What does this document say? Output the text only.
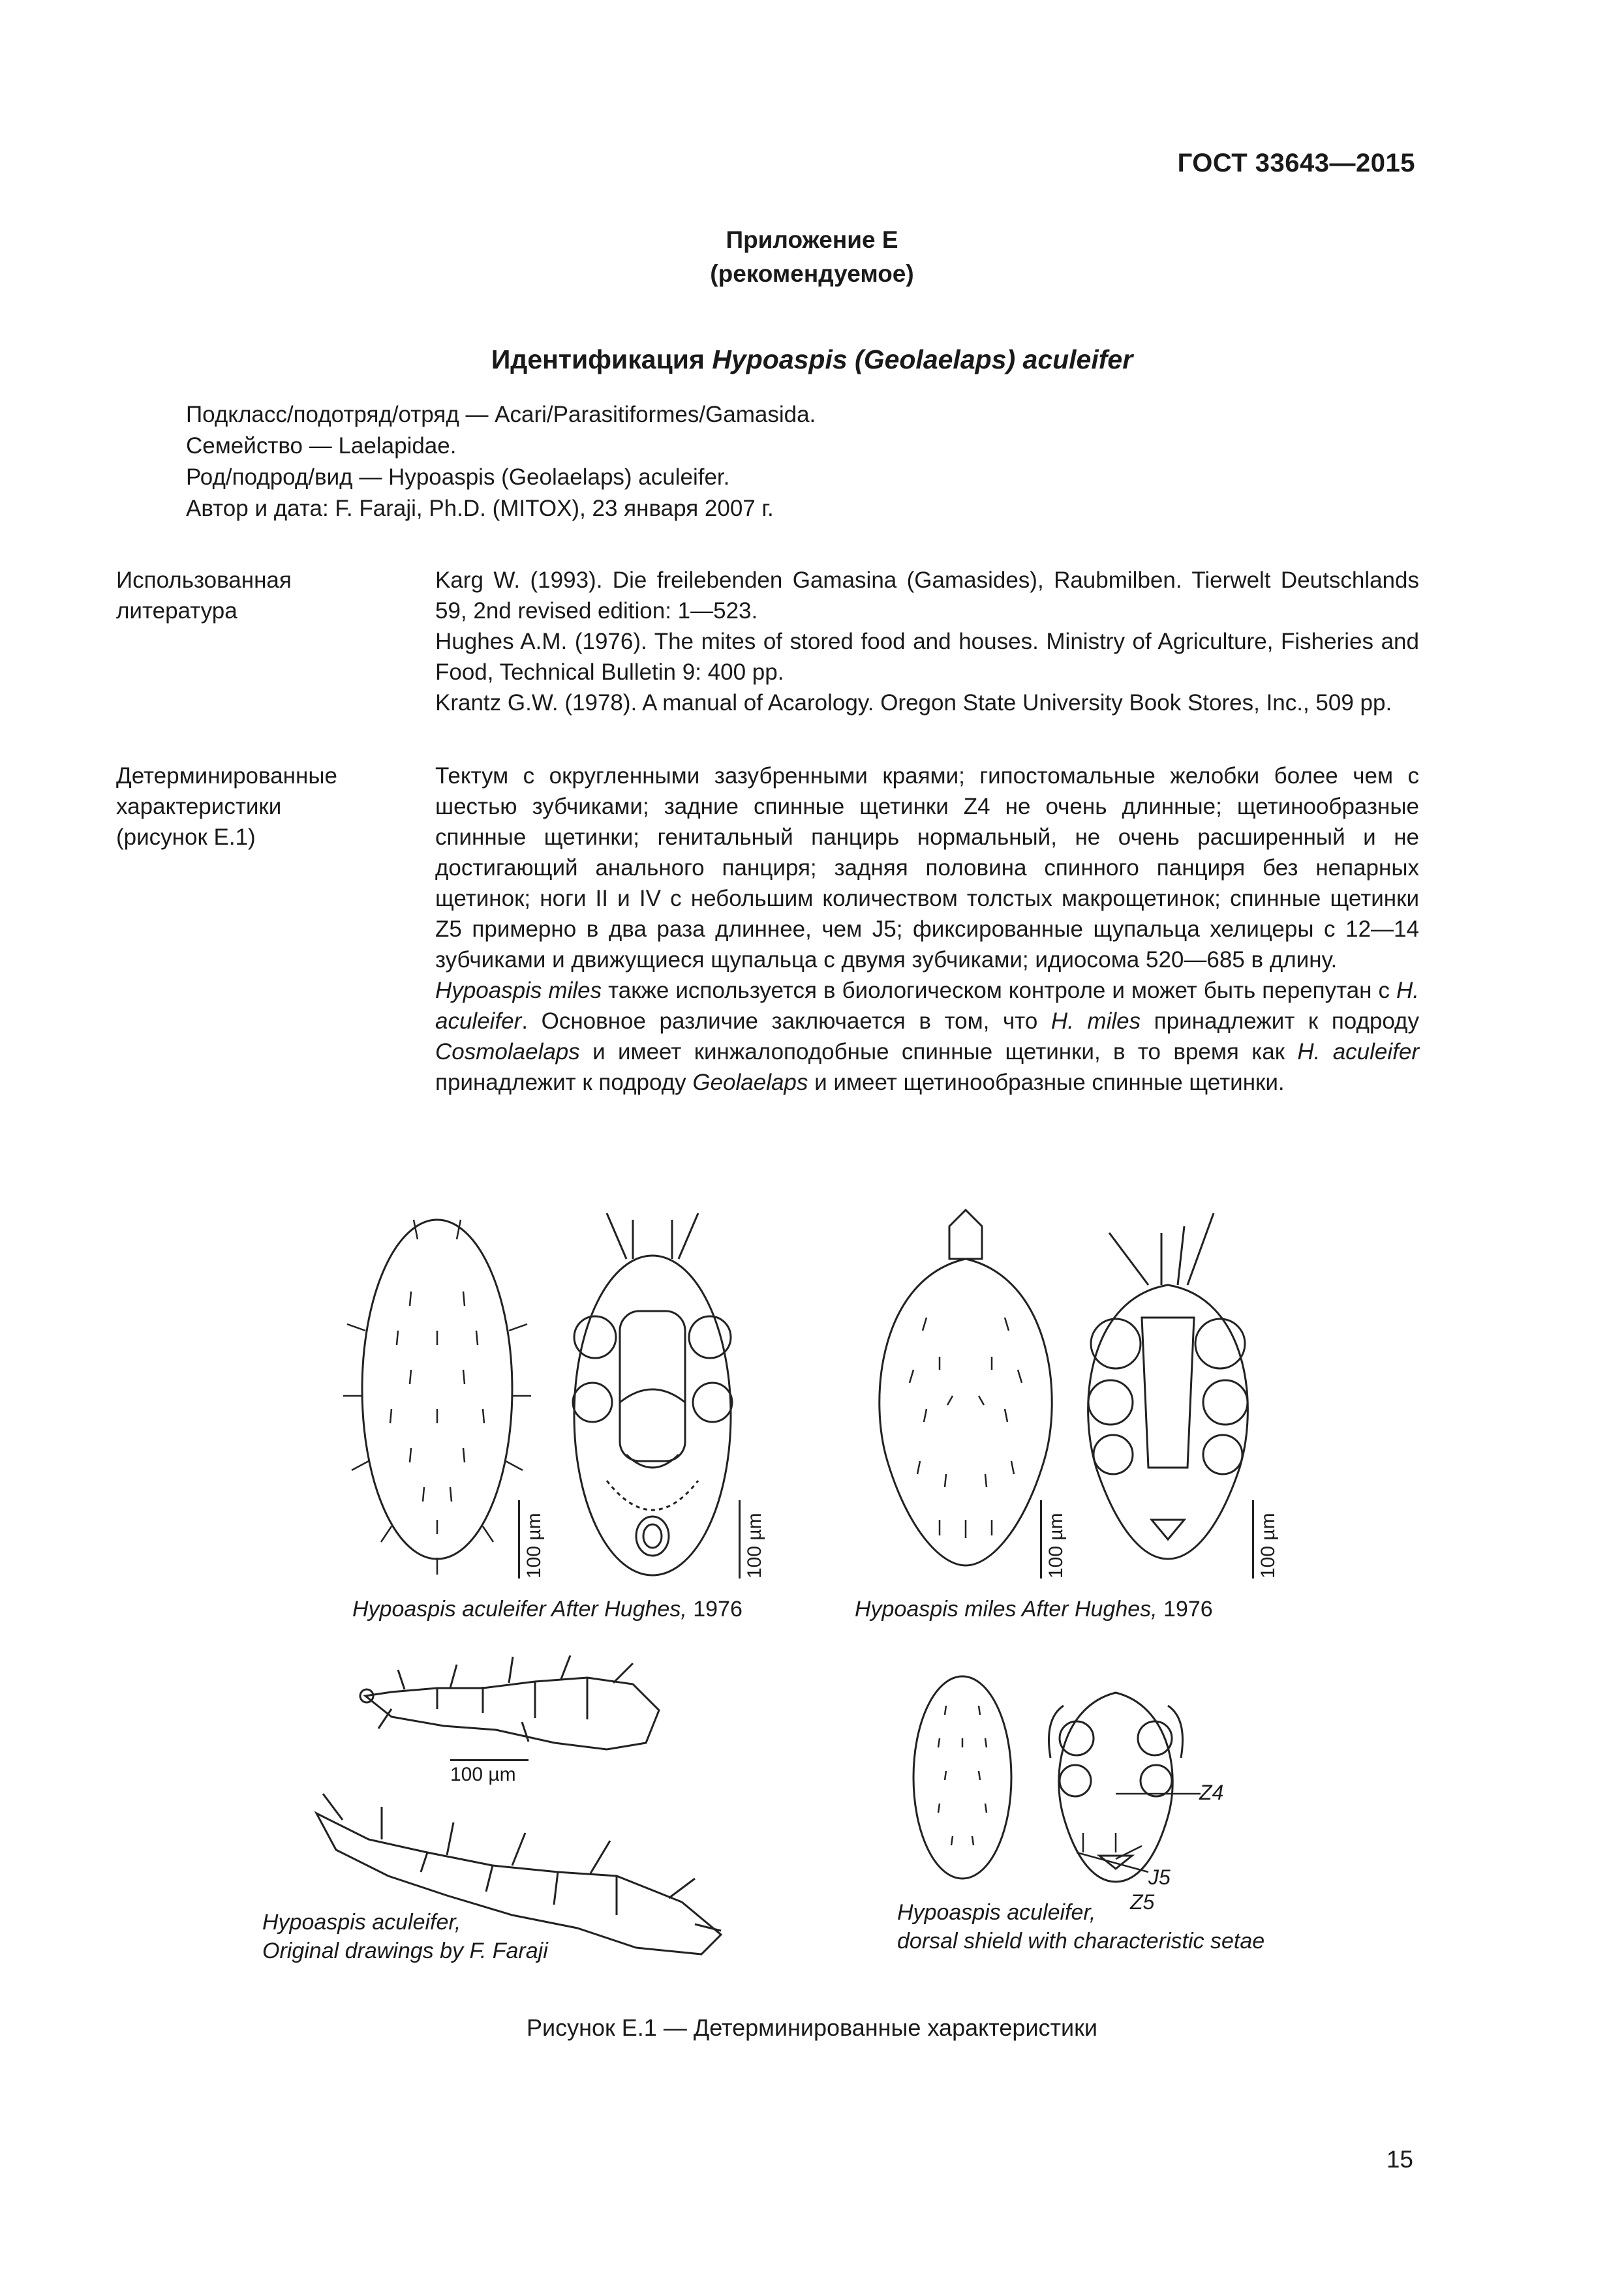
ГОСТ 33643—2015
Приложение Е
(рекомендуемое)
Идентификация Hypoaspis (Geolaelaps) aculeifer
Подкласс/подотряд/отряд — Acari/Parasitiformes/Gamasida.
Семейство — Laelapidae.
Род/подрод/вид — Hypoaspis (Geolaelaps) aculeifer.
Автор и дата: F. Faraji, Ph.D. (MITOX), 23 января 2007 г.
Использованная
литература

Karg W. (1993). Die freilebenden Gamasina (Gamasides), Raubmilben. Tierwelt Deutschlands 59, 2nd revised edition: 1—523.

Hughes A.M. (1976). The mites of stored food and houses. Ministry of Agriculture, Fisheries and Food, Technical Bulletin 9: 400 pp.

Krantz G.W. (1978). A manual of Acarology. Oregon State University Book Stores, Inc., 509 pp.

Детерминированные
характеристики
(рисунок Е.1)

Тектум с округленными зазубренными краями; гипостомальные желобки более чем с шестью зубчиками; задние спинные щетинки Z4 не очень длинные; щетинообразные спинные щетинки; генитальный панцирь нормальный, не очень расширенный и не достигающий анального панциря; задняя половина спинного панциря без непарных щетинок; ноги II и IV с небольшим количеством толстых макрощетинок; спинные щетинки Z5 примерно в два раза длиннее, чем J5; фиксированные щупальца хелицеры с 12—14 зубчиками и движущиеся щупальца с двумя зубчиками; идиосома 520—685 в длину.

Hypoaspis miles также используется в биологическом контроле и может быть перепутан с H. aculeifer. Основное различие заключается в том, что H. miles принадлежит к подроду Cosmolaelaps и имеет кинжалоподобные спинные щетинки, в то время как H. aculeifer принадлежит к подроду Geolaelaps и имеет щетинообразные спинные щетинки.

100 µm	100 µm	100 µm	100 µm
Hypoaspis aculeifer After Hughes, 1976	Hypoaspis miles After Hughes, 1976
100 µm
Hypoaspis aculeifer,
Original drawings by F. Faraji
Z4
J5
Z5
Hypoaspis aculeifer,
dorsal shield with characteristic setae
Рисунок Е.1 — Детерминированные характеристики
15
